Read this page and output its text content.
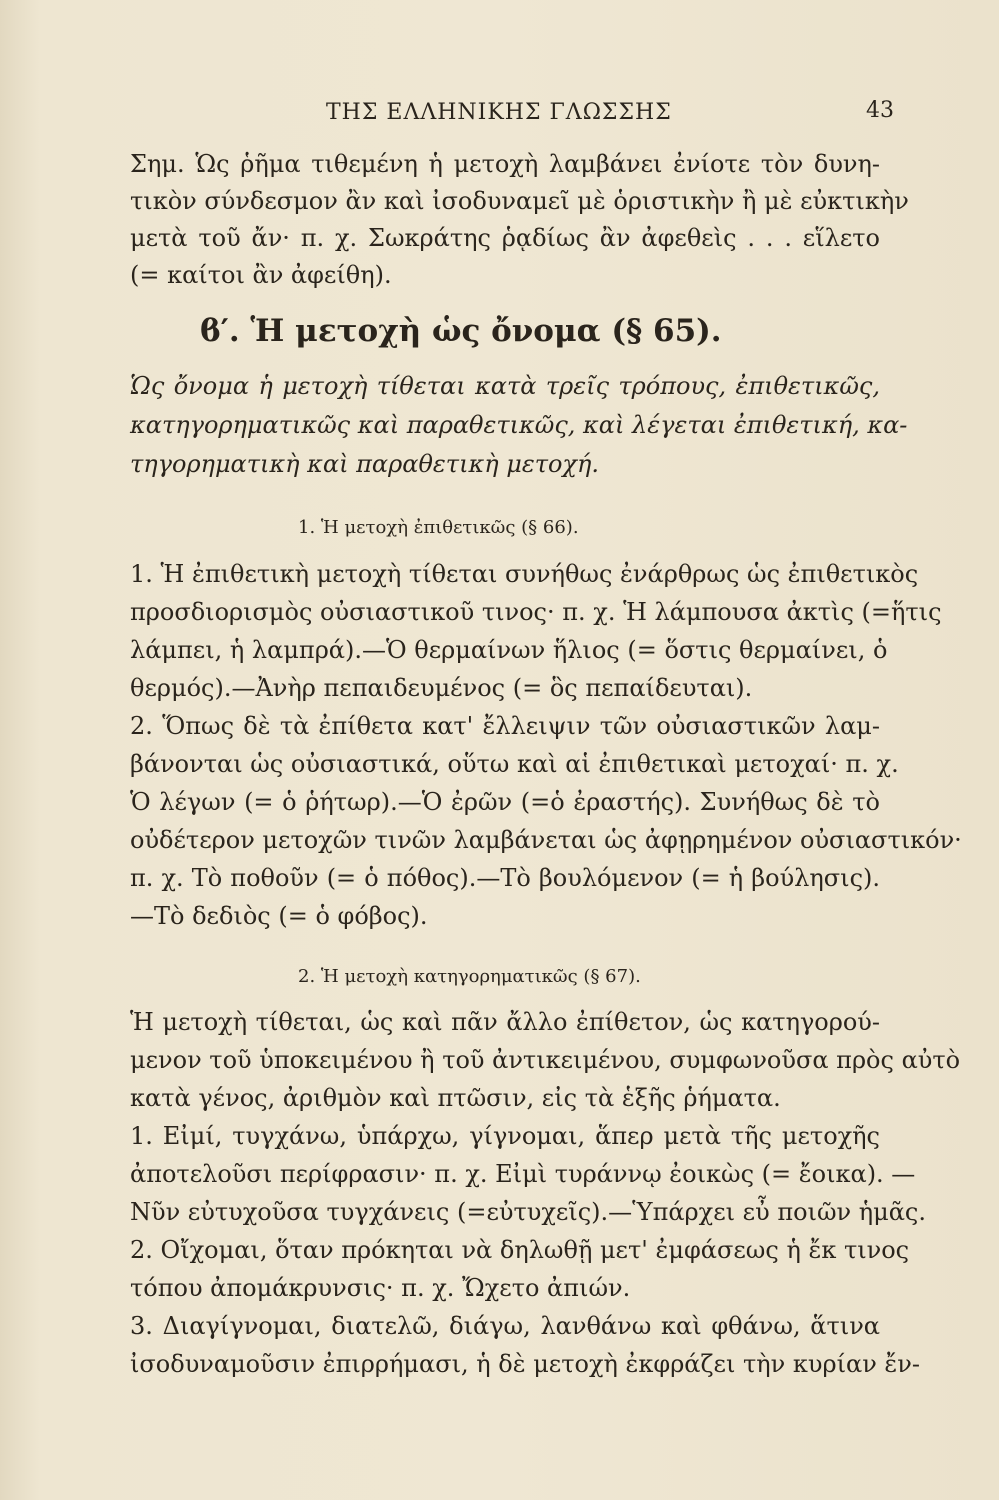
ΤΗΣ ΕΛΛΗΝΙΚΗΣ ΓΛΩΣΣΗΣ	43
Σημ. Ὡς ῥῆμα τιθεμένη ἡ μετοχὴ λαμβάνει ἐνίοτε τὸν δυνη-
τικὸν σύνδεσμον ἂν καὶ ἰσοδυναμεῖ μὲ ὁριστικὴν ἢ μὲ εὐκτικὴν
μετὰ τοῦ ἄν· π. χ. Σωκράτης ῥᾳδίως ἂν ἀφεθεὶς . . . εἵλετο
(= καίτοι ἂν ἀφείθη).
ϐ′. Ἡ μετοχὴ ὡς ὄνομα (§ 65).
Ὡς ὄνομα ἡ μετοχὴ τίθεται κατὰ τρεῖς τρόπους, ἐπιθετικῶς,
κατηγορηματικῶς καὶ παραθετικῶς, καὶ λέγεται ἐπιθετική, κα-
τηγορηματικὴ καὶ παραθετικὴ μετοχή.
1. Ἡ μετοχὴ ἐπιθετικῶς (§ 66).
1. Ἡ ἐπιθετικὴ μετοχὴ τίθεται συνήθως ἐνάρθρως ὡς ἐπιθετικὸς
προσδιορισμὸς οὐσιαστικοῦ τινος· π. χ. Ἡ λάμπουσα ἀκτὶς (=ἥτις
λάμπει, ἡ λαμπρά).—Ὁ θερμαίνων ἥλιος (= ὅστις θερμαίνει, ὁ
θερμός).—Ἀνὴρ πεπαιδευμένος (= ὃς πεπαίδευται).
2. Ὅπως δὲ τὰ ἐπίθετα κατ' ἔλλειψιν τῶν οὐσιαστικῶν λαμ-
βάνονται ὡς οὐσιαστικά, οὕτω καὶ αἱ ἐπιθετικαὶ μετοχαί· π. χ.
Ὁ λέγων (= ὁ ῥήτωρ).—Ὁ ἐρῶν (=ὁ ἐραστής). Συνήθως δὲ τὸ
οὐδέτερον μετοχῶν τινῶν λαμβάνεται ὡς ἀφῃρημένον οὐσιαστικόν·
π. χ. Τὸ ποθοῦν (= ὁ πόθος).—Τὸ βουλόμενον (= ἡ βούλησις).
—Τὸ δεδιὸς (= ὁ φόβος).
2. Ἡ μετοχὴ κατηγορηματικῶς (§ 67).
Ἡ μετοχὴ τίθεται, ὡς καὶ πᾶν ἄλλο ἐπίθετον, ὡς κατηγορού-
μενον τοῦ ὑποκειμένου ἢ τοῦ ἀντικειμένου, συμφωνοῦσα πρὸς αὐτὸ
κατὰ γένος, ἀριθμὸν καὶ πτῶσιν, εἰς τὰ ἑξῆς ῥήματα.
1. Εἰμί, τυγχάνω, ὑπάρχω, γίγνομαι, ἅπερ μετὰ τῆς μετοχῆς
ἀποτελοῦσι περίφρασιν· π. χ. Εἰμὶ τυράννῳ ἐοικὼς (= ἔοικα). —
Νῦν εὐτυχοῦσα τυγχάνεις (=εὐτυχεῖς).—Ὑπάρχει εὖ ποιῶν ἡμᾶς.
2. Οἴχομαι, ὅταν πρόκηται νὰ δηλωθῇ μετ' ἐμφάσεως ἡ ἔκ τινος
τόπου ἀπομάκρυνσις· π. χ. Ὤχετο ἀπιών.
3. Διαγίγνομαι, διατελῶ, διάγω, λανθάνω καὶ φθάνω, ἅτινα
ἰσοδυναμοῦσιν ἐπιρρήμασι, ἡ δὲ μετοχὴ ἐκφράζει τὴν κυρίαν ἔν-
